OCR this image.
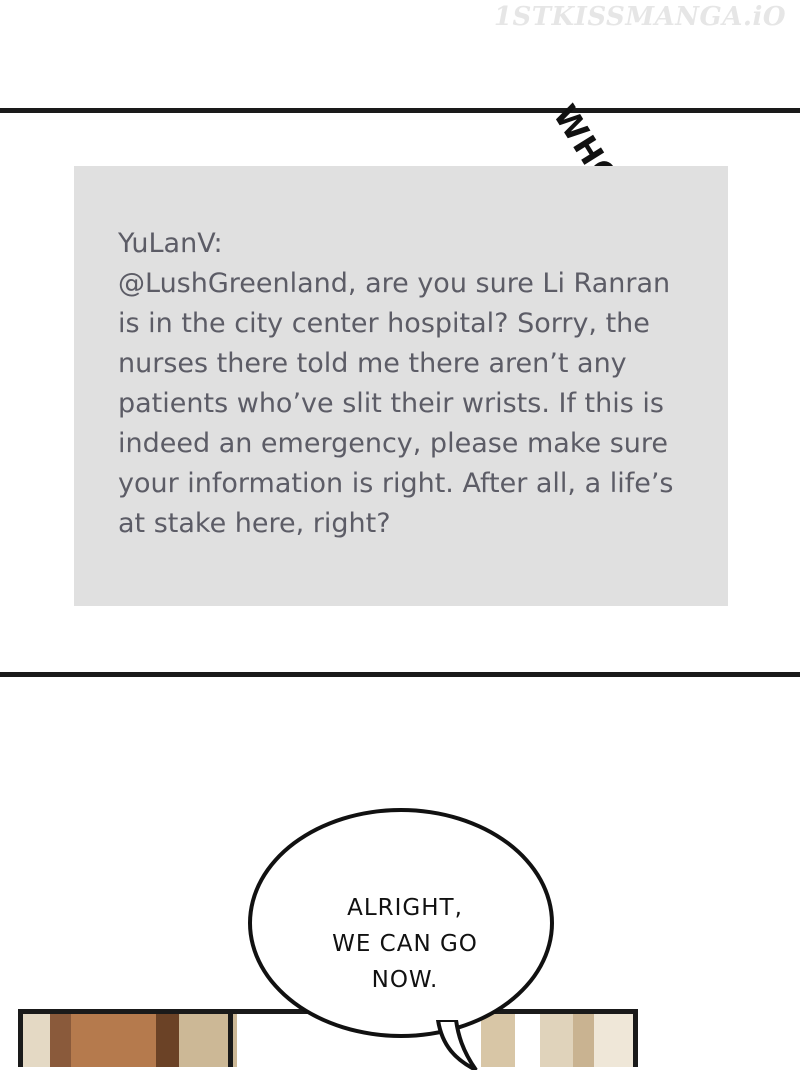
1STKISSMANGA.iO

YuLanV:

@LushGreenland, are you sure Li Ranran is in the city center hospital? Sorry, the nurses there told me there aren’t any patients who’ve slit their wrists. If this is indeed an emergency, please make sure your information is right. After all, a life’s at stake here, right?

ALRIGHT,
WE CAN GO
NOW.
